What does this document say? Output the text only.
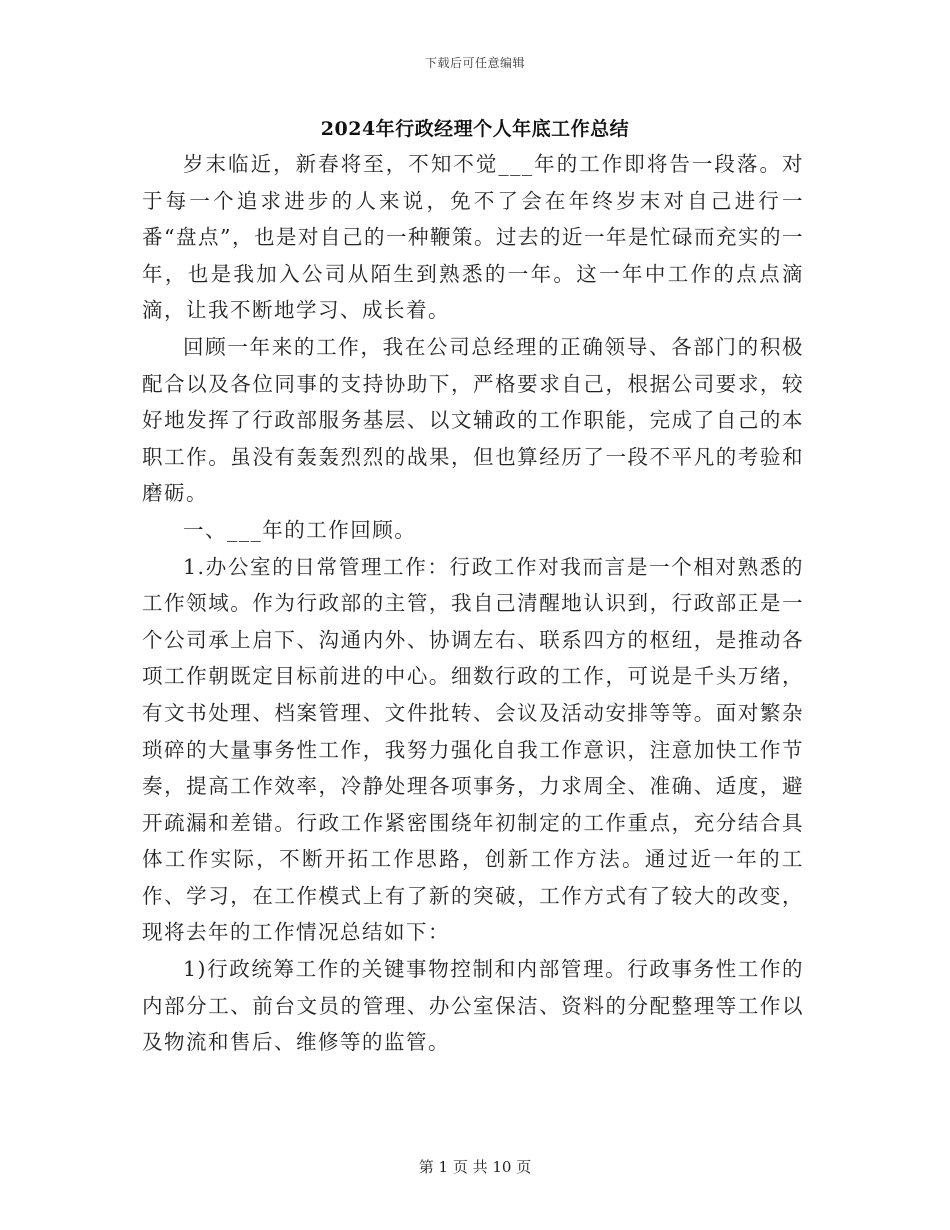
下载后可任意编辑
2024年行政经理个人年底工作总结

岁末临近，新春将至，不知不觉___年的工作即将告一段落。对于每一个追求进步的人来说，免不了会在年终岁末对自己进行一番“盘点”，也是对自己的一种鞭策。过去的近一年是忙碌而充实的一年，也是我加入公司从陌生到熟悉的一年。这一年中工作的点点滴滴，让我不断地学习、成长着。

回顾一年来的工作，我在公司总经理的正确领导、各部门的积极配合以及各位同事的支持协助下，严格要求自己，根据公司要求，较好地发挥了行政部服务基层、以文辅政的工作职能，完成了自己的本职工作。虽没有轰轰烈烈的战果，但也算经历了一段不平凡的考验和磨砺。

一、___年的工作回顾。

1.办公室的日常管理工作：行政工作对我而言是一个相对熟悉的工作领域。作为行政部的主管，我自己清醒地认识到，行政部正是一个公司承上启下、沟通内外、协调左右、联系四方的枢纽，是推动各项工作朝既定目标前进的中心。细数行政的工作，可说是千头万绪，有文书处理、档案管理、文件批转、会议及活动安排等等。面对繁杂琐碎的大量事务性工作，我努力强化自我工作意识，注意加快工作节奏，提高工作效率，冷静处理各项事务，力求周全、准确、适度，避开疏漏和差错。行政工作紧密围绕年初制定的工作重点，充分结合具体工作实际，不断开拓工作思路，创新工作方法。通过近一年的工作、学习，在工作模式上有了新的突破，工作方式有了较大的改变，现将去年的工作情况总结如下：

1)行政统筹工作的关键事物控制和内部管理。行政事务性工作的内部分工、前台文员的管理、办公室保洁、资料的分配整理等工作以及物流和售后、维修等的监管。

第 1 页 共 10 页
